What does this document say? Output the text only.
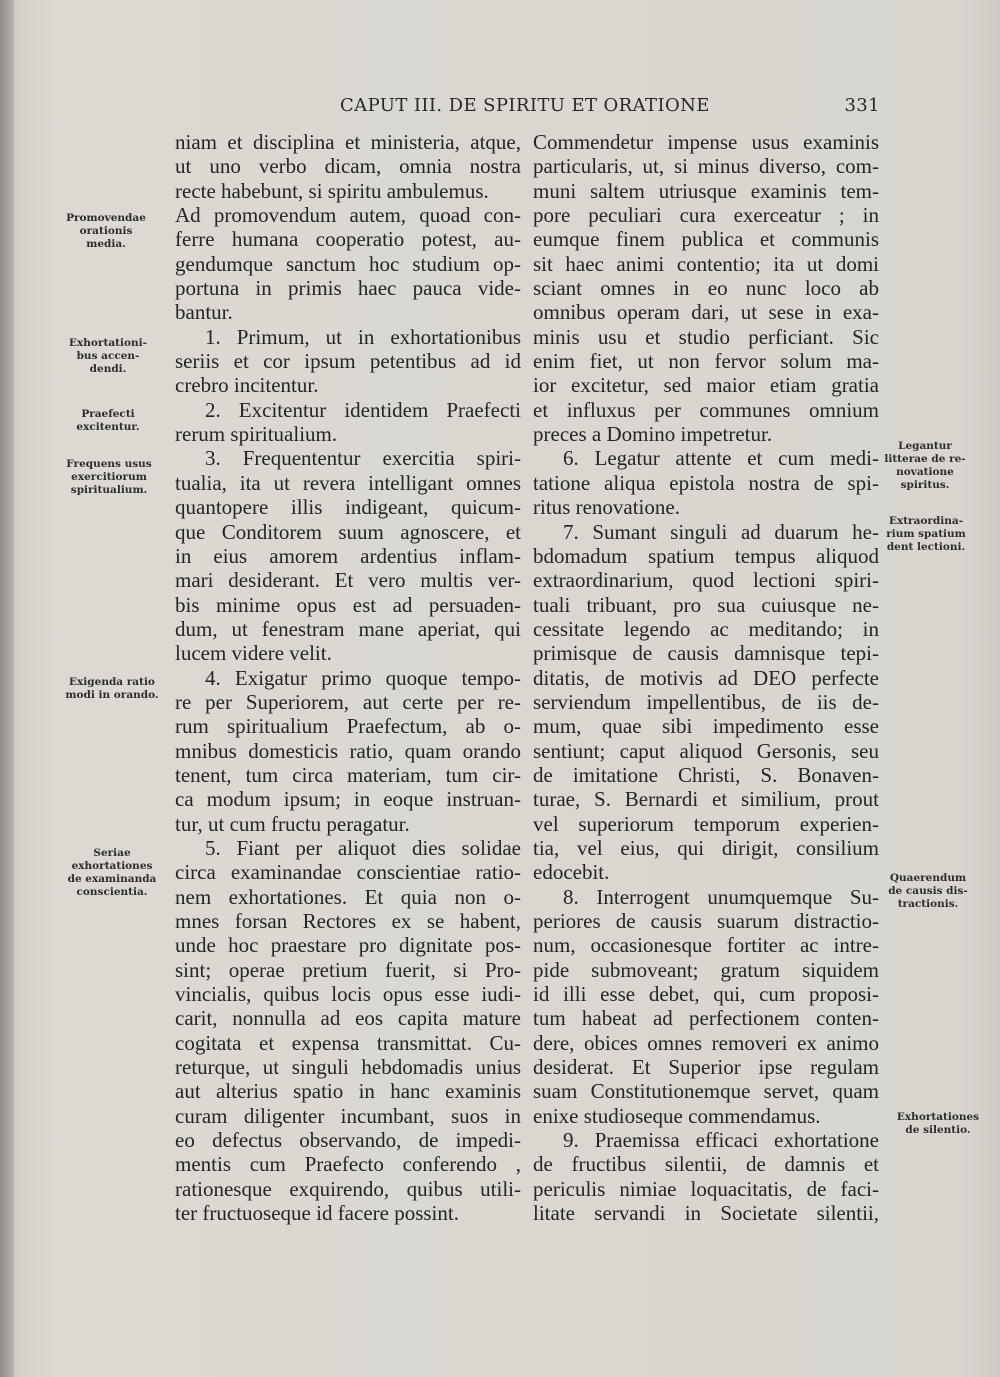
CAPUT III. DE SPIRITU ET ORATIONE	331
niam et disciplina et ministeria, atque,
ut uno verbo dicam, omnia nostra
recte habebunt, si spiritu ambulemus.
Ad promovendum autem, quoad con-
ferre humana cooperatio potest, au-
gendumque sanctum hoc studium op-
portuna in primis haec pauca vide-
bantur.
1. Primum, ut in exhortationibus
seriis et cor ipsum petentibus ad id
crebro incitentur.
2. Excitentur identidem Praefecti
rerum spiritualium.
3. Frequententur exercitia spiri-
tualia, ita ut revera intelligant omnes
quantopere illis indigeant, quicum-
que Conditorem suum agnoscere, et
in eius amorem ardentius inflam-
mari desiderant. Et vero multis ver-
bis minime opus est ad persuaden-
dum, ut fenestram mane aperiat, qui
lucem videre velit.
4. Exigatur primo quoque tempo-
re per Superiorem, aut certe per re-
rum spiritualium Praefectum, ab o-
mnibus domesticis ratio, quam orando
tenent, tum circa materiam, tum cir-
ca modum ipsum; in eoque instruan-
tur, ut cum fructu peragatur.
5. Fiant per aliquot dies solidae
circa examinandae conscientiae ratio-
nem exhortationes. Et quia non o-
mnes forsan Rectores ex se habent,
unde hoc praestare pro dignitate pos-
sint; operae pretium fuerit, si Pro-
vincialis, quibus locis opus esse iudi-
carit, nonnulla ad eos capita mature
cogitata et expensa transmittat. Cu-
returque, ut singuli hebdomadis unius
aut alterius spatio in hanc examinis
curam diligenter incumbant, suos in
eo defectus observando, de impedi-
mentis cum Praefecto conferendo ,
rationesque exquirendo, quibus utili-
ter fructuoseque id facere possint.
Commendetur impense usus examinis
particularis, ut, si minus diverso, com-
muni saltem utriusque examinis tem-
pore peculiari cura exerceatur ; in
eumque finem publica et communis
sit haec animi contentio; ita ut domi
sciant omnes in eo nunc loco ab
omnibus operam dari, ut sese in exa-
minis usu et studio perficiant. Sic
enim fiet, ut non fervor solum ma-
ior excitetur, sed maior etiam gratia
et influxus per communes omnium
preces a Domino impetretur.
6. Legatur attente et cum medi-
tatione aliqua epistola nostra de spi-
ritus renovatione.
7. Sumant singuli ad duarum he-
bdomadum spatium tempus aliquod
extraordinarium, quod lectioni spiri-
tuali tribuant, pro sua cuiusque ne-
cessitate legendo ac meditando; in
primisque de causis damnisque tepi-
ditatis, de motivis ad DEO perfecte
serviendum impellentibus, de iis de-
mum, quae sibi impedimento esse
sentiunt; caput aliquod Gersonis, seu
de imitatione Christi, S. Bonaven-
turae, S. Bernardi et similium, prout
vel superiorum temporum experien-
tia, vel eius, qui dirigit, consilium
edocebit.
8. Interrogent unumquemque Su-
periores de causis suarum distractio-
num, occasionesque fortiter ac intre-
pide submoveant; gratum siquidem
id illi esse debet, qui, cum proposi-
tum habeat ad perfectionem conten-
dere, obices omnes removeri ex animo
desiderat. Et Superior ipse regulam
suam Constitutionemque servet, quam
enixe studioseque commendamus.
9. Praemissa efficaci exhortatione
de fructibus silentii, de damnis et
periculis nimiae loquacitatis, de faci-
litate servandi in Societate silentii,
Promovendae
orationis
media.
Exhortationi-
bus accen-
dendi.
Praefecti
excitentur.
Frequens usus
exercitiorum
spiritualium.
Exigenda ratio
modi in orando.
Seriae
exhortationes
de examinanda
conscientia.
Legantur
litterae de re-
novatione
spiritus.
Extraordina-
rium spatium
dent lectioni.
Quaerendum
de causis dis-
tractionis.
Exhortationes
de silentio.
